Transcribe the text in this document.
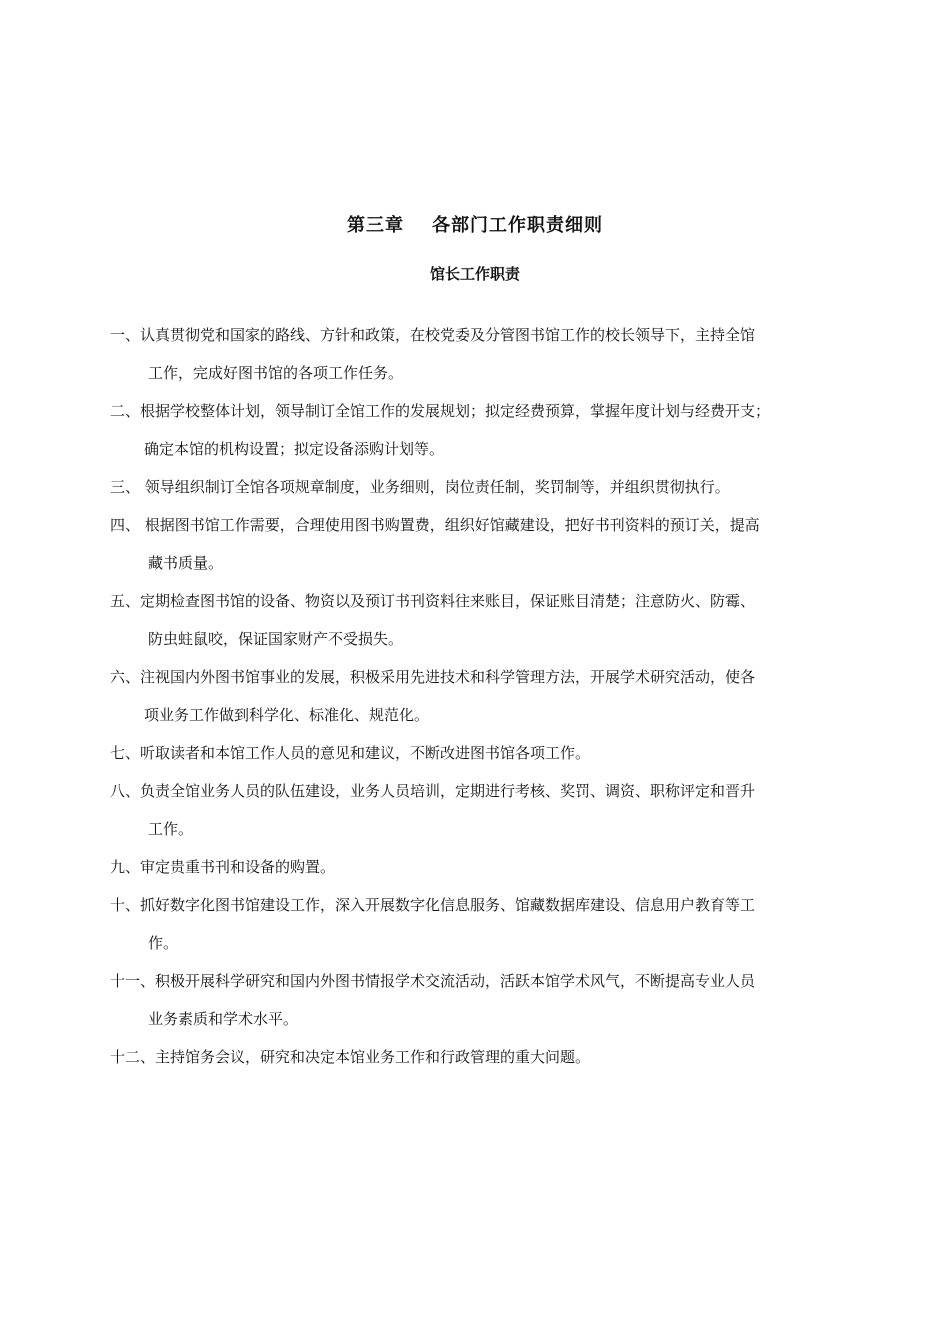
第三章 各部门工作职责细则
馆长工作职责
一、认真贯彻党和国家的路线、方针和政策，在校党委及分管图书馆工作的校长领导下，主持全馆
工作，完成好图书馆的各项工作任务。
二、根据学校整体计划，领导制订全馆工作的发展规划；拟定经费预算，掌握年度计划与经费开支；
确定本馆的机构设置；拟定设备添购计划等。
三、 领导组织制订全馆各项规章制度，业务细则，岗位责任制，奖罚制等，并组织贯彻执行。
四、 根据图书馆工作需要，合理使用图书购置费，组织好馆藏建设，把好书刊资料的预订关，提高
藏书质量。
五、定期检查图书馆的设备、物资以及预订书刊资料往来账目，保证账目清楚；注意防火、防霉、
防虫蛀鼠咬，保证国家财产不受损失。
六、注视国内外图书馆事业的发展，积极采用先进技术和科学管理方法，开展学术研究活动，使各
项业务工作做到科学化、标准化、规范化。
七、听取读者和本馆工作人员的意见和建议，不断改进图书馆各项工作。
八、负责全馆业务人员的队伍建设，业务人员培训，定期进行考核、奖罚、调资、职称评定和晋升
工作。
九、审定贵重书刊和设备的购置。
十、抓好数字化图书馆建设工作，深入开展数字化信息服务、馆藏数据库建设、信息用户教育等工
作。
十一、积极开展科学研究和国内外图书情报学术交流活动，活跃本馆学术风气，不断提高专业人员
业务素质和学术水平。
十二、主持馆务会议，研究和决定本馆业务工作和行政管理的重大问题。
